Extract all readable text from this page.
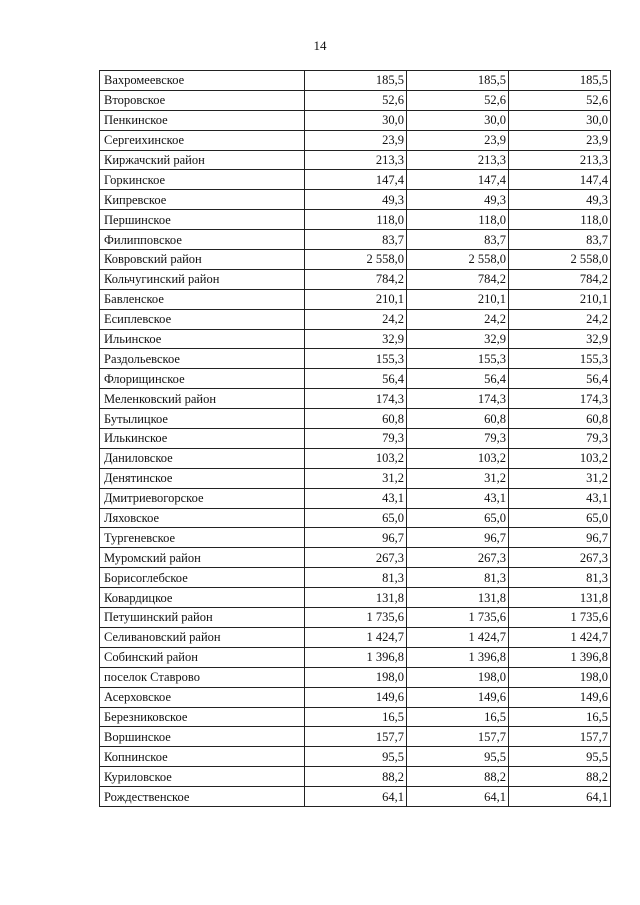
14
Вахромеевское	185,5	185,5	185,5
Второвское	52,6	52,6	52,6
Пенкинское	30,0	30,0	30,0
Сергеихинское	23,9	23,9	23,9
Киржачский район	213,3	213,3	213,3
Горкинское	147,4	147,4	147,4
Кипревское	49,3	49,3	49,3
Першинское	118,0	118,0	118,0
Филипповское	83,7	83,7	83,7
Ковровский район	2 558,0	2 558,0	2 558,0
Кольчугинский район	784,2	784,2	784,2
Бавленское	210,1	210,1	210,1
Есиплевское	24,2	24,2	24,2
Ильинское	32,9	32,9	32,9
Раздольевское	155,3	155,3	155,3
Флорищинское	56,4	56,4	56,4
Меленковский район	174,3	174,3	174,3
Бутылицкое	60,8	60,8	60,8
Илькинское	79,3	79,3	79,3
Даниловское	103,2	103,2	103,2
Денятинское	31,2	31,2	31,2
Дмитриевогорское	43,1	43,1	43,1
Ляховское	65,0	65,0	65,0
Тургеневское	96,7	96,7	96,7
Муромский район	267,3	267,3	267,3
Борисоглебское	81,3	81,3	81,3
Ковардицкое	131,8	131,8	131,8
Петушинский район	1 735,6	1 735,6	1 735,6
Селивановский район	1 424,7	1 424,7	1 424,7
Собинский район	1 396,8	1 396,8	1 396,8
поселок Ставрово	198,0	198,0	198,0
Асерховское	149,6	149,6	149,6
Березниковское	16,5	16,5	16,5
Воршинское	157,7	157,7	157,7
Копнинское	95,5	95,5	95,5
Куриловское	88,2	88,2	88,2
Рождественское	64,1	64,1	64,1
